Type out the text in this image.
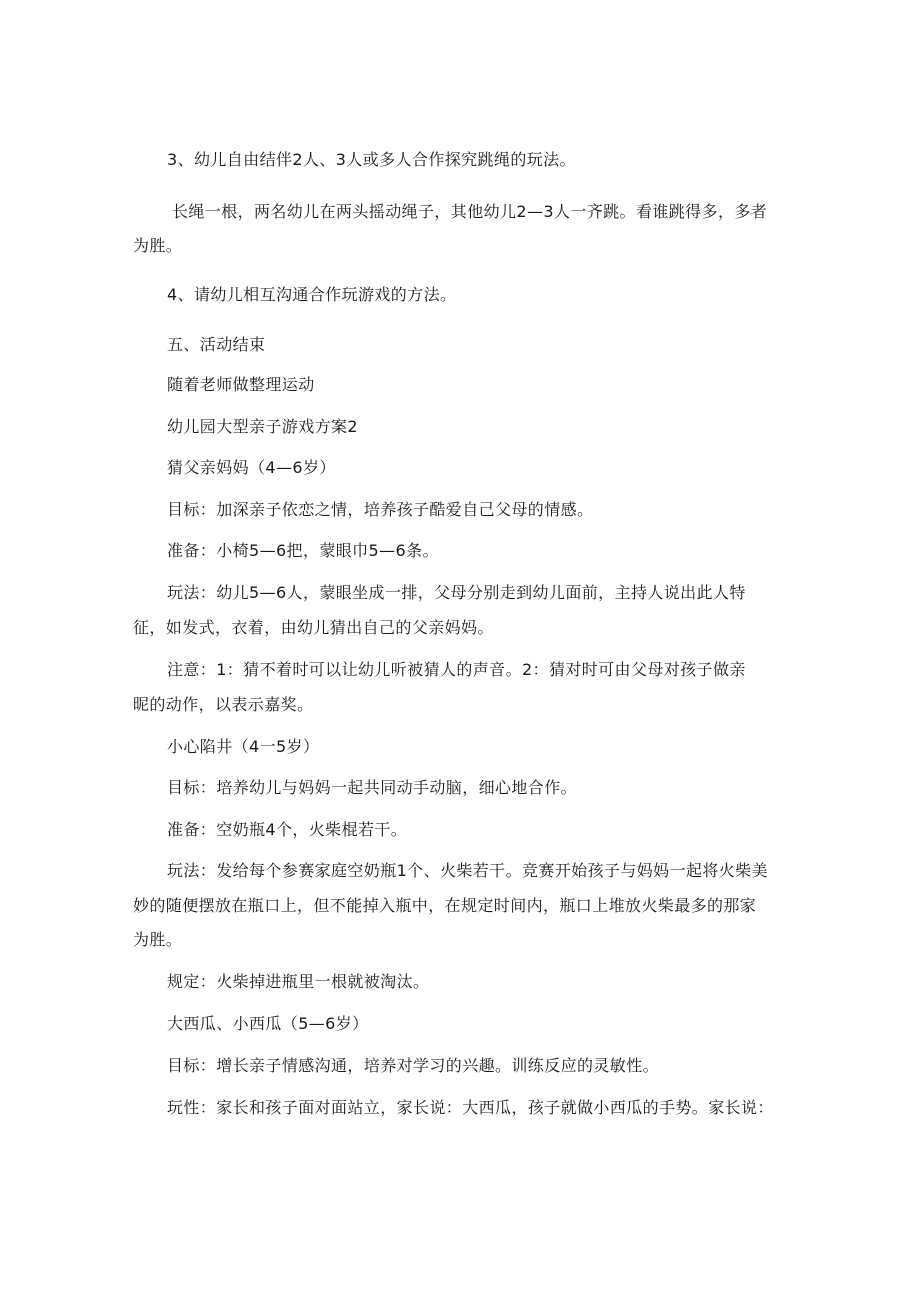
3、幼儿自由结伴2人、3人或多人合作探究跳绳的玩法。
长绳一根，两名幼儿在两头摇动绳子，其他幼儿2—3人一齐跳。看谁跳得多，多者
为胜。
4、请幼儿相互沟通合作玩游戏的方法。
五、活动结束
随着老师做整理运动
幼儿园大型亲子游戏方案2
猜父亲妈妈（4—6岁）
目标：加深亲子依恋之情，培养孩子酷爱自己父母的情感。
准备：小椅5—6把，蒙眼巾5—6条。
玩法：幼儿5—6人，蒙眼坐成一排，父母分别走到幼儿面前，主持人说出此人特
征，如发式，衣着，由幼儿猜出自己的父亲妈妈。
注意：1：猜不着时可以让幼儿听被猜人的声音。2：猜对时可由父母对孩子做亲
昵的动作，以表示嘉奖。
小心陷井（4一5岁）
目标：培养幼儿与妈妈一起共同动手动脑，细心地合作。
准备：空奶瓶4个，火柴棍若干。
玩法：发给每个参赛家庭空奶瓶1个、火柴若干。竞赛开始孩子与妈妈一起将火柴美
妙的随便摆放在瓶口上，但不能掉入瓶中，在规定时间内，瓶口上堆放火柴最多的那家
为胜。
规定：火柴掉进瓶里一根就被淘汰。
大西瓜、小西瓜（5—6岁）
目标：增长亲子情感沟通，培养对学习的兴趣。训练反应的灵敏性。
玩性：家长和孩子面对面站立，家长说：大西瓜，孩子就做小西瓜的手势。家长说：
